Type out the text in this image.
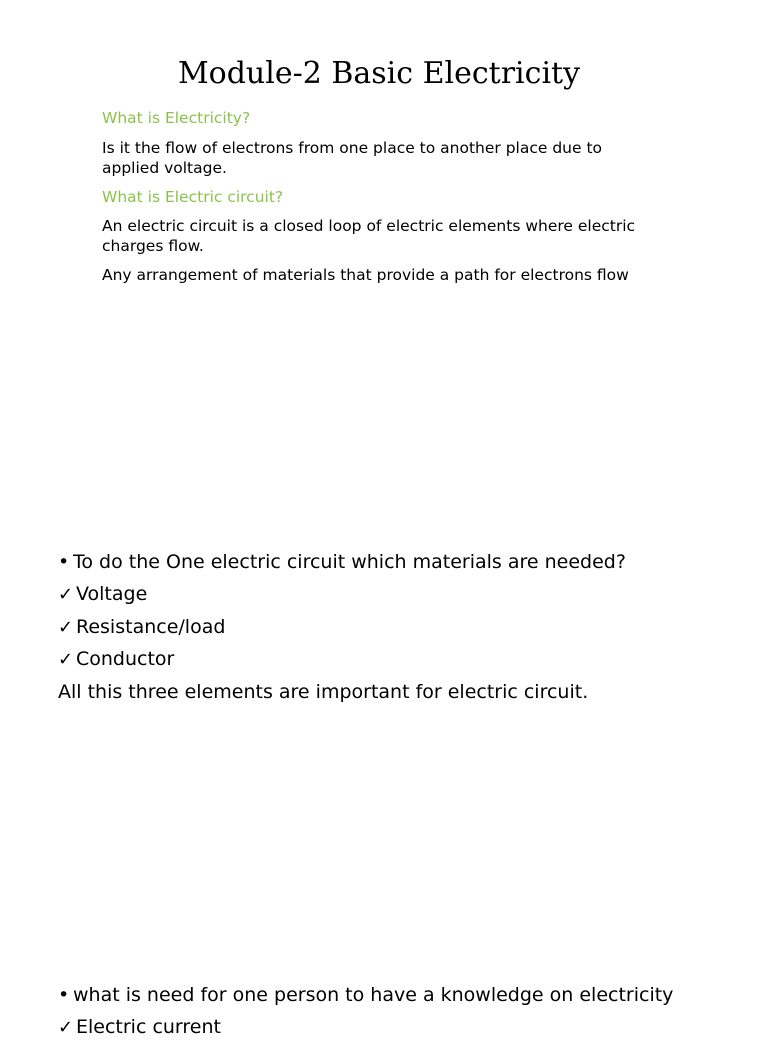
Module-2 Basic Electricity
What is Electricity?
Is it the flow of electrons from one place to another place due to applied voltage.
What is Electric circuit?
An electric circuit is a closed loop of electric elements where electric charges flow.
Any arrangement of materials that provide a path for electrons flow
• To do the One electric circuit which materials are needed?
✓ Voltage
✓ Resistance/load
✓ Conductor
All this three elements are important for electric circuit.
• what is need for one person to have a knowledge on electricity
✓ Electric current
